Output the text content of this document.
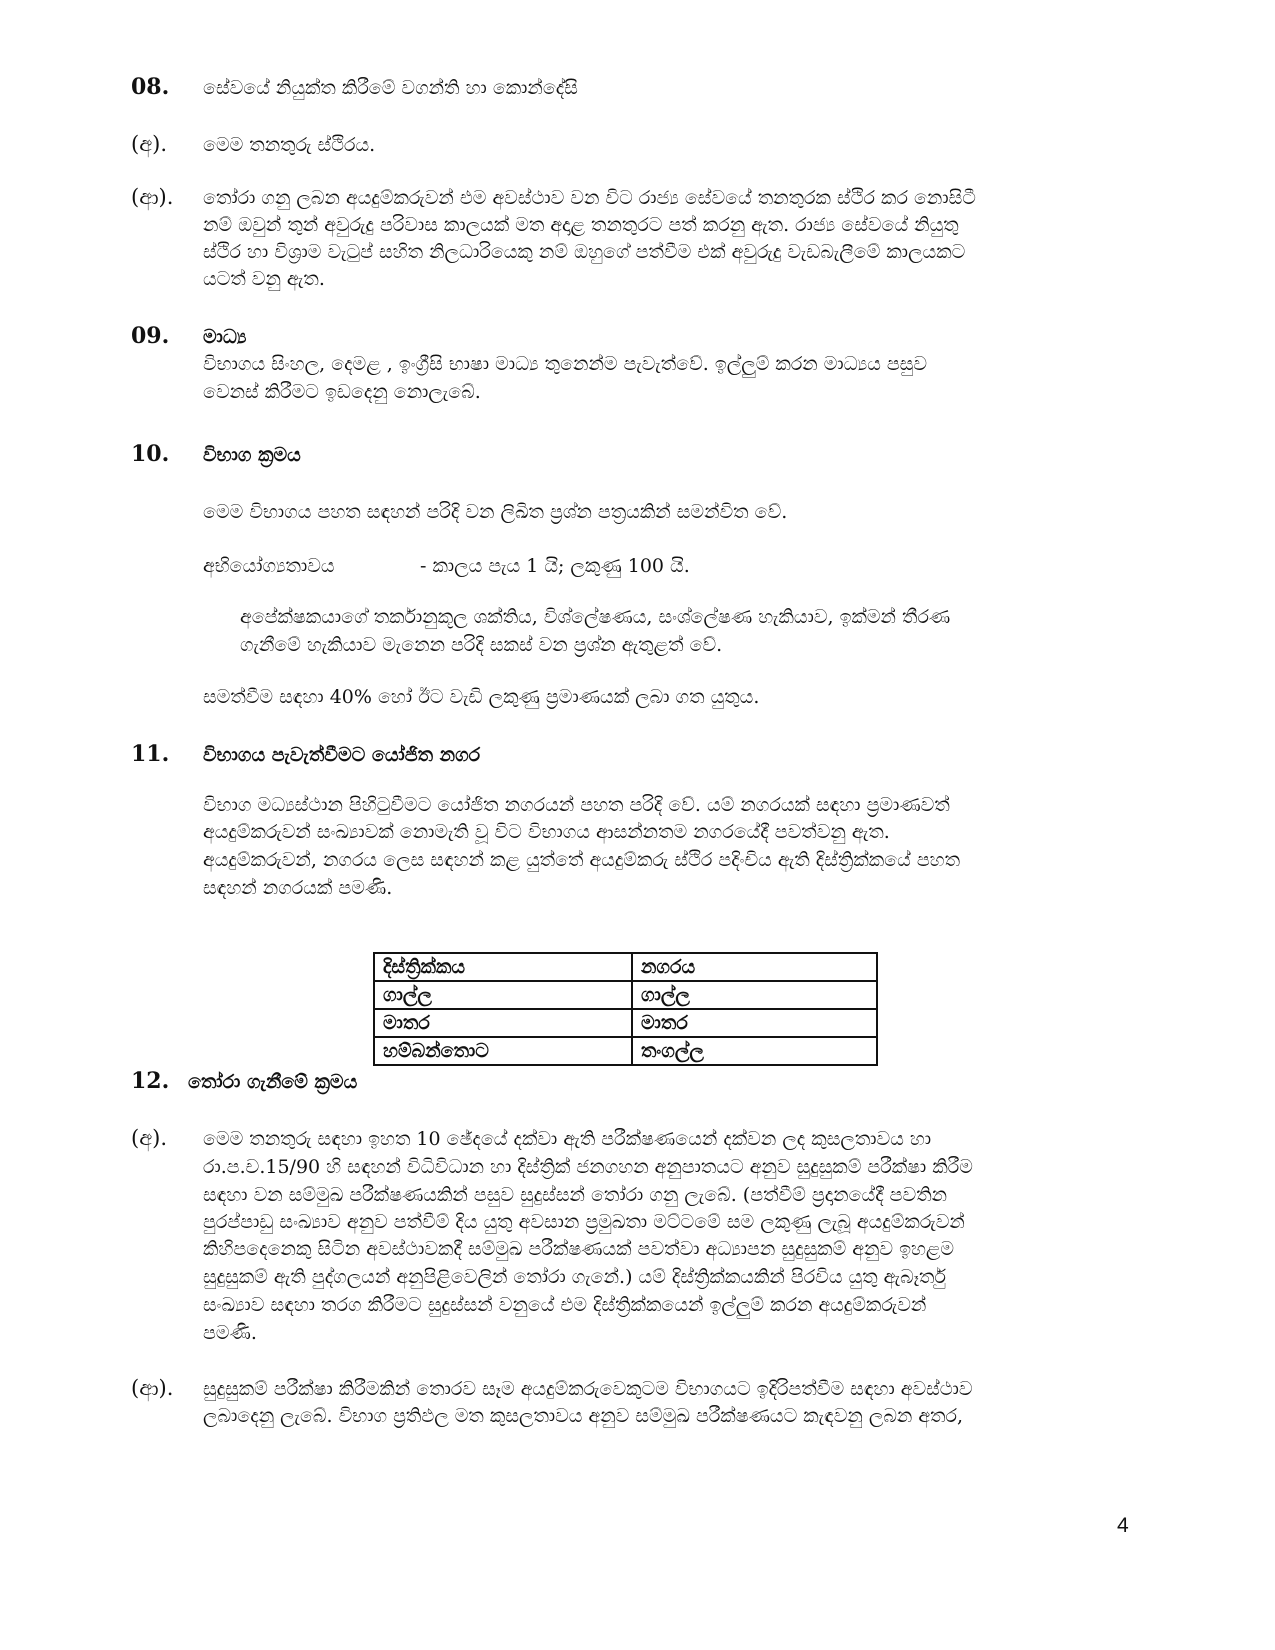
08. සේවයේ නියුක්ත කිරීමේ වගන්ති හා කොන්දේසි
(අ). මෙම තනතුරු ස්ථිරය.
(ආ). තෝරා ගනු ලබන අයදුම්කරුවන් එම අවස්ථාව වන විට රාජ්‍ය සේවයේ තනතුරක ස්ථිර කර නොසිටී
නම් ඔවුන් තුන් අවුරුදු පරිවාස කාලයක් මත අදාළ තනතුරට පත් කරනු ඇත. රාජ්‍ය සේවයේ නියුතු
ස්ථිර හා විශ්‍රාම වැටුප් සහිත නිලධාරියෙකු නම් ඔහුගේ පත්වීම එක් අවුරුදු වැඩබැලීමේ කාලයකට
යටත් වනු ඇත.
09. මාධ්‍ය
විභාගය සිංහල, දෙමළ , ඉංග්‍රීසි භාෂා මාධ්‍ය තුනෙන්ම පැවැත්වේ. ඉල්ලුම් කරන මාධ්‍යය පසුව
වෙනස් කිරීමට ඉඩදෙනු නොලැබේ.
10. විභාග ක්‍රමය
මෙම විභාගය පහත සඳහන් පරිදි වන ලිඛිත ප්‍රශ්න පත්‍රයකින් සමන්විත වේ.
අභියෝග්‍යතාවය	- කාලය පැය 1 යි; ලකුණු 100 යි.
අපේක්ෂකයාගේ තර්කානුකූල ශක්තිය, විශ්ලේෂණය, සංශ්ලේෂණ හැකියාව, ඉක්මන් තීරණ
ගැනීමේ හැකියාව මැනෙන පරිදි සකස් වන ප්‍රශ්න ඇතුළත් වේ.
සමත්වීම සඳහා 40% හෝ ඊට වැඩි ලකුණු ප්‍රමාණයක් ලබා ගත යුතුය.
11. විභාගය පැවැත්වීමට යෝජිත නගර
විභාග මධ්‍යස්ථාන පිහිටුවීමට යෝජිත නගරයන් පහත පරිදි වේ. යම් නගරයක් සඳහා ප්‍රමාණවත්
අයදුම්කරුවන් සංඛ්‍යාවක් නොමැති වූ විට විභාගය ආසන්නතම නගරයේදී පවත්වනු ඇත.
අයදුම්කරුවන්, නගරය ලෙස සඳහන් කළ යුත්තේ අයදුම්කරු ස්ථිර පදිංචිය ඇති දිස්ත්‍රික්කයේ පහත
සඳහන් නගරයක් පමණි.
දිස්ත්‍රික්කය	නගරය
ගාල්ල	ගාල්ල
මාතර	මාතර
හම්බන්තොට	තංගල්ල
12. තෝරා ගැනීමේ ක්‍රමය
(අ). මෙම තනතුරු සඳහා ඉහත 10 ඡේදයේ දක්වා ඇති පරීක්ෂණයෙන් දක්වන ලද කුසලතාවය හා
රා.ප.ච.15/90 හි සඳහන් විධිවිධාන හා දිස්ත්‍රික් ජනගහන අනුපාතයට අනුව සුදුසුකම් පරීක්ෂා කිරීම
සඳහා වන සම්මුඛ පරීක්ෂණයකින් පසුව සුදුස්සන් තෝරා ගනු ලැබේ. (පත්වීම් ප්‍රදානයේදී පවතින
පුරප්පාඩු සංඛ්‍යාව අනුව පත්වීම් දිය යුතු අවසාන ප්‍රමුඛතා මට්ටමේ සම ලකුණු ලැබූ අයදුම්කරුවන්
කිහිපදෙනෙකු සිටින අවස්ථාවකදී සම්මුඛ පරීක්ෂණයක් පවත්වා අධ්‍යාපන සුදුසුකම් අනුව ඉහළම
සුදුසුකම් ඇති පුද්ගලයන් අනුපිළිවෙලින් තෝරා ගැනේ.) යම් දිස්ත්‍රික්කයකින් පිරවිය යුතු ඇබෑර්තු
සංඛ්‍යාව සඳහා තරග කිරීමට සුදුස්සන් වනුයේ එම දිස්ත්‍රික්කයෙන් ඉල්ලුම් කරන අයදුම්කරුවන්
පමණි.
(ආ). සුදුසුකම් පරීක්ෂා කිරීමකින් තොරව සෑම අයදුම්කරුවෙකුටම විභාගයට ඉදිරිපත්වීම සඳහා අවස්ථාව
ලබාදෙනු ලැබේ. විභාග ප්‍රතිඵල මත කුසලතාවය අනුව සම්මුඛ පරීක්ෂණයට කැඳවනු ලබන අතර,
4
